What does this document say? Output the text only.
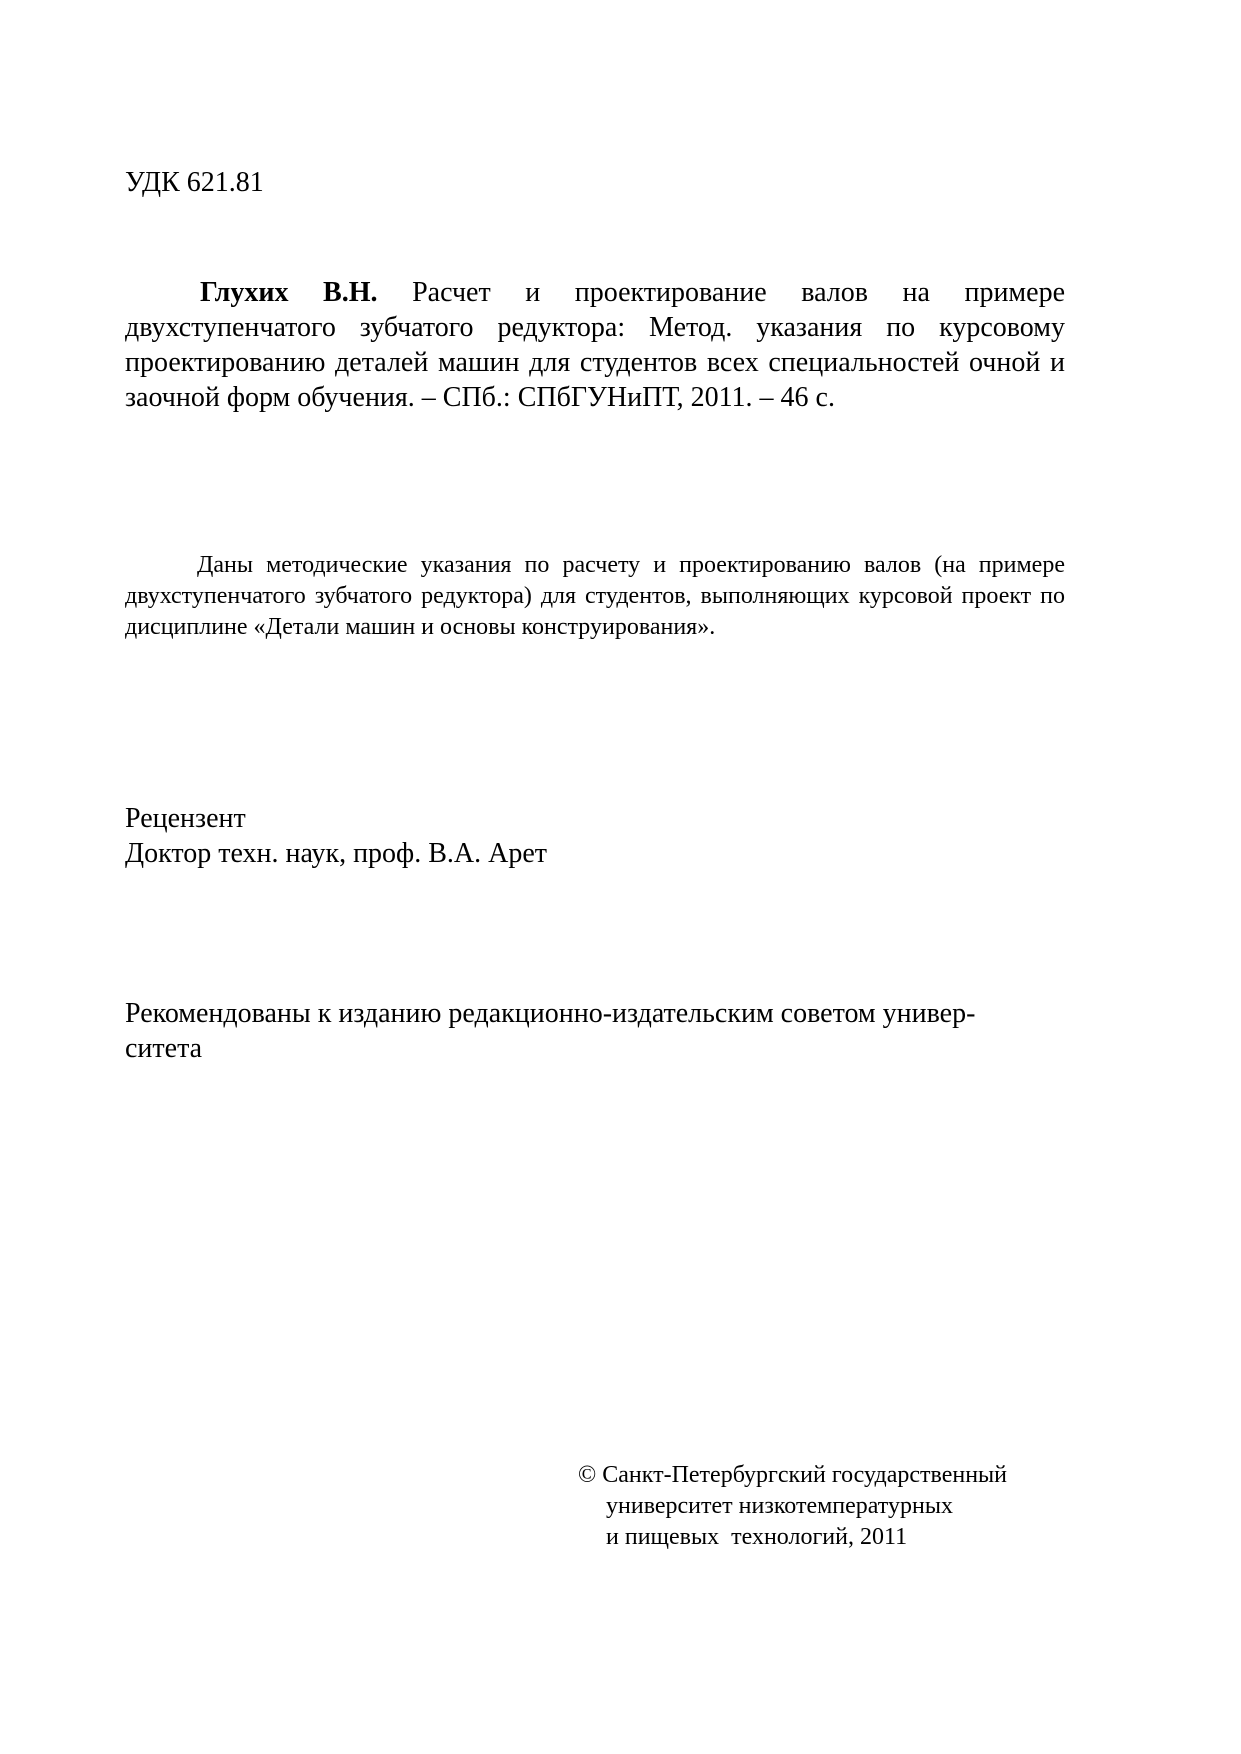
УДК 621.81
Глухих В.Н. Расчет и проектирование валов на примере двухступенчатого зубчатого редуктора: Метод. указания по курсовому проектированию деталей машин для студентов всех специальностей очной и заочной форм обучения. – СПб.: СПбГУНиПТ, 2011. – 46 с.
Даны методические указания по расчету и проектированию валов (на примере двухступенчатого зубчатого редуктора) для студентов, выполняющих курсовой проект по дисциплине «Детали машин и основы конструирования».
Рецензент
Доктор техн. наук, проф. В.А. Арет
Рекомендованы к изданию редакционно-издательским советом универ-
ситета
© Санкт-Петербургский государственный
университет низкотемпературных
и пищевых  технологий, 2011
